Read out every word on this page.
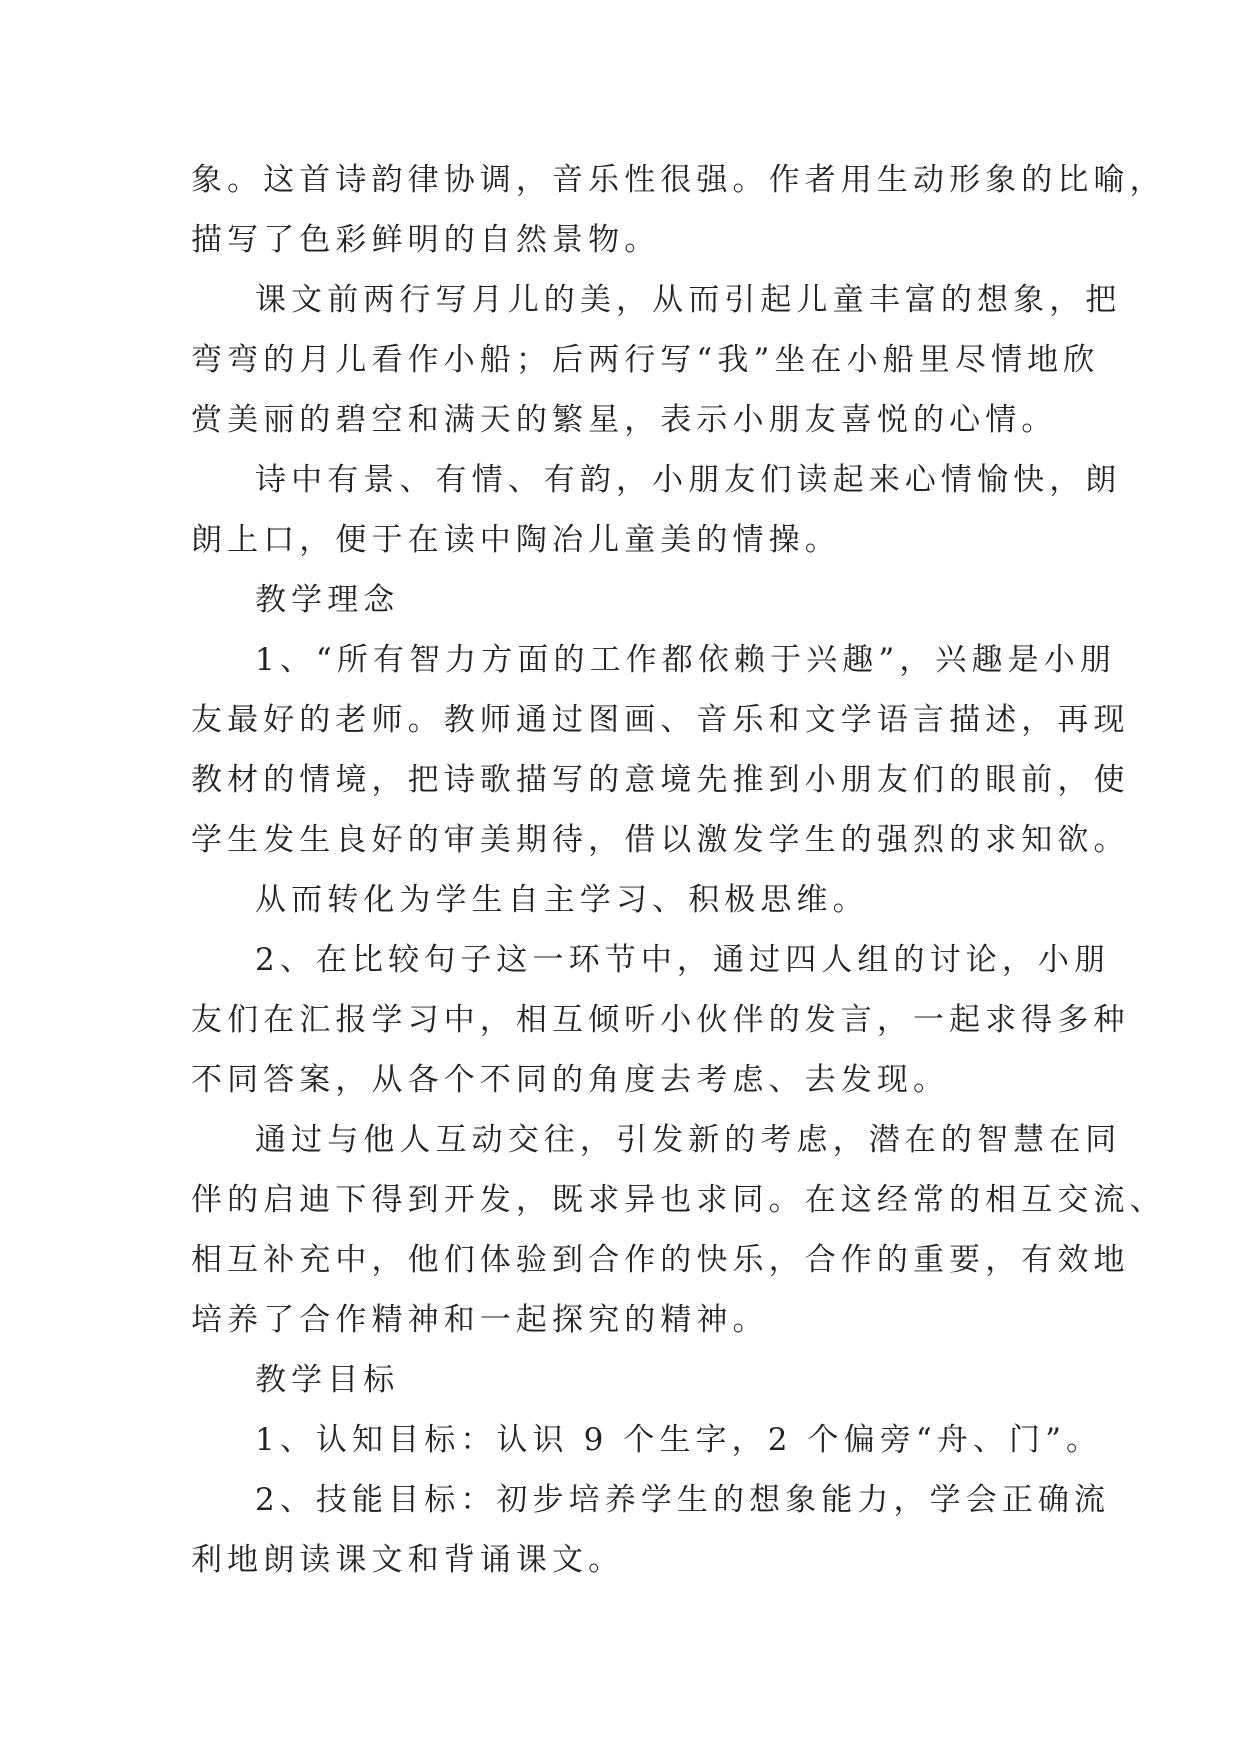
象。这首诗韵律协调，音乐性很强。作者用生动形象的比喻，
描写了色彩鲜明的自然景物。

课文前两行写月儿的美，从而引起儿童丰富的想象，把
弯弯的月儿看作小船；后两行写“我”坐在小船里尽情地欣
赏美丽的碧空和满天的繁星，表示小朋友喜悦的心情。

诗中有景、有情、有韵，小朋友们读起来心情愉快，朗
朗上口，便于在读中陶冶儿童美的情操。

教学理念

1、“所有智力方面的工作都依赖于兴趣”，兴趣是小朋
友最好的老师。教师通过图画、音乐和文学语言描述，再现
教材的情境，把诗歌描写的意境先推到小朋友们的眼前，使
学生发生良好的审美期待，借以激发学生的强烈的求知欲。

从而转化为学生自主学习、积极思维。

2、在比较句子这一环节中，通过四人组的讨论，小朋
友们在汇报学习中，相互倾听小伙伴的发言，一起求得多种
不同答案，从各个不同的角度去考虑、去发现。

通过与他人互动交往，引发新的考虑，潜在的智慧在同
伴的启迪下得到开发，既求异也求同。在这经常的相互交流、
相互补充中，他们体验到合作的快乐，合作的重要，有效地
培养了合作精神和一起探究的精神。

教学目标

1、认知目标：认识 9 个生字，2 个偏旁“舟、门”。

2、技能目标：初步培养学生的想象能力，学会正确流
利地朗读课文和背诵课文。
